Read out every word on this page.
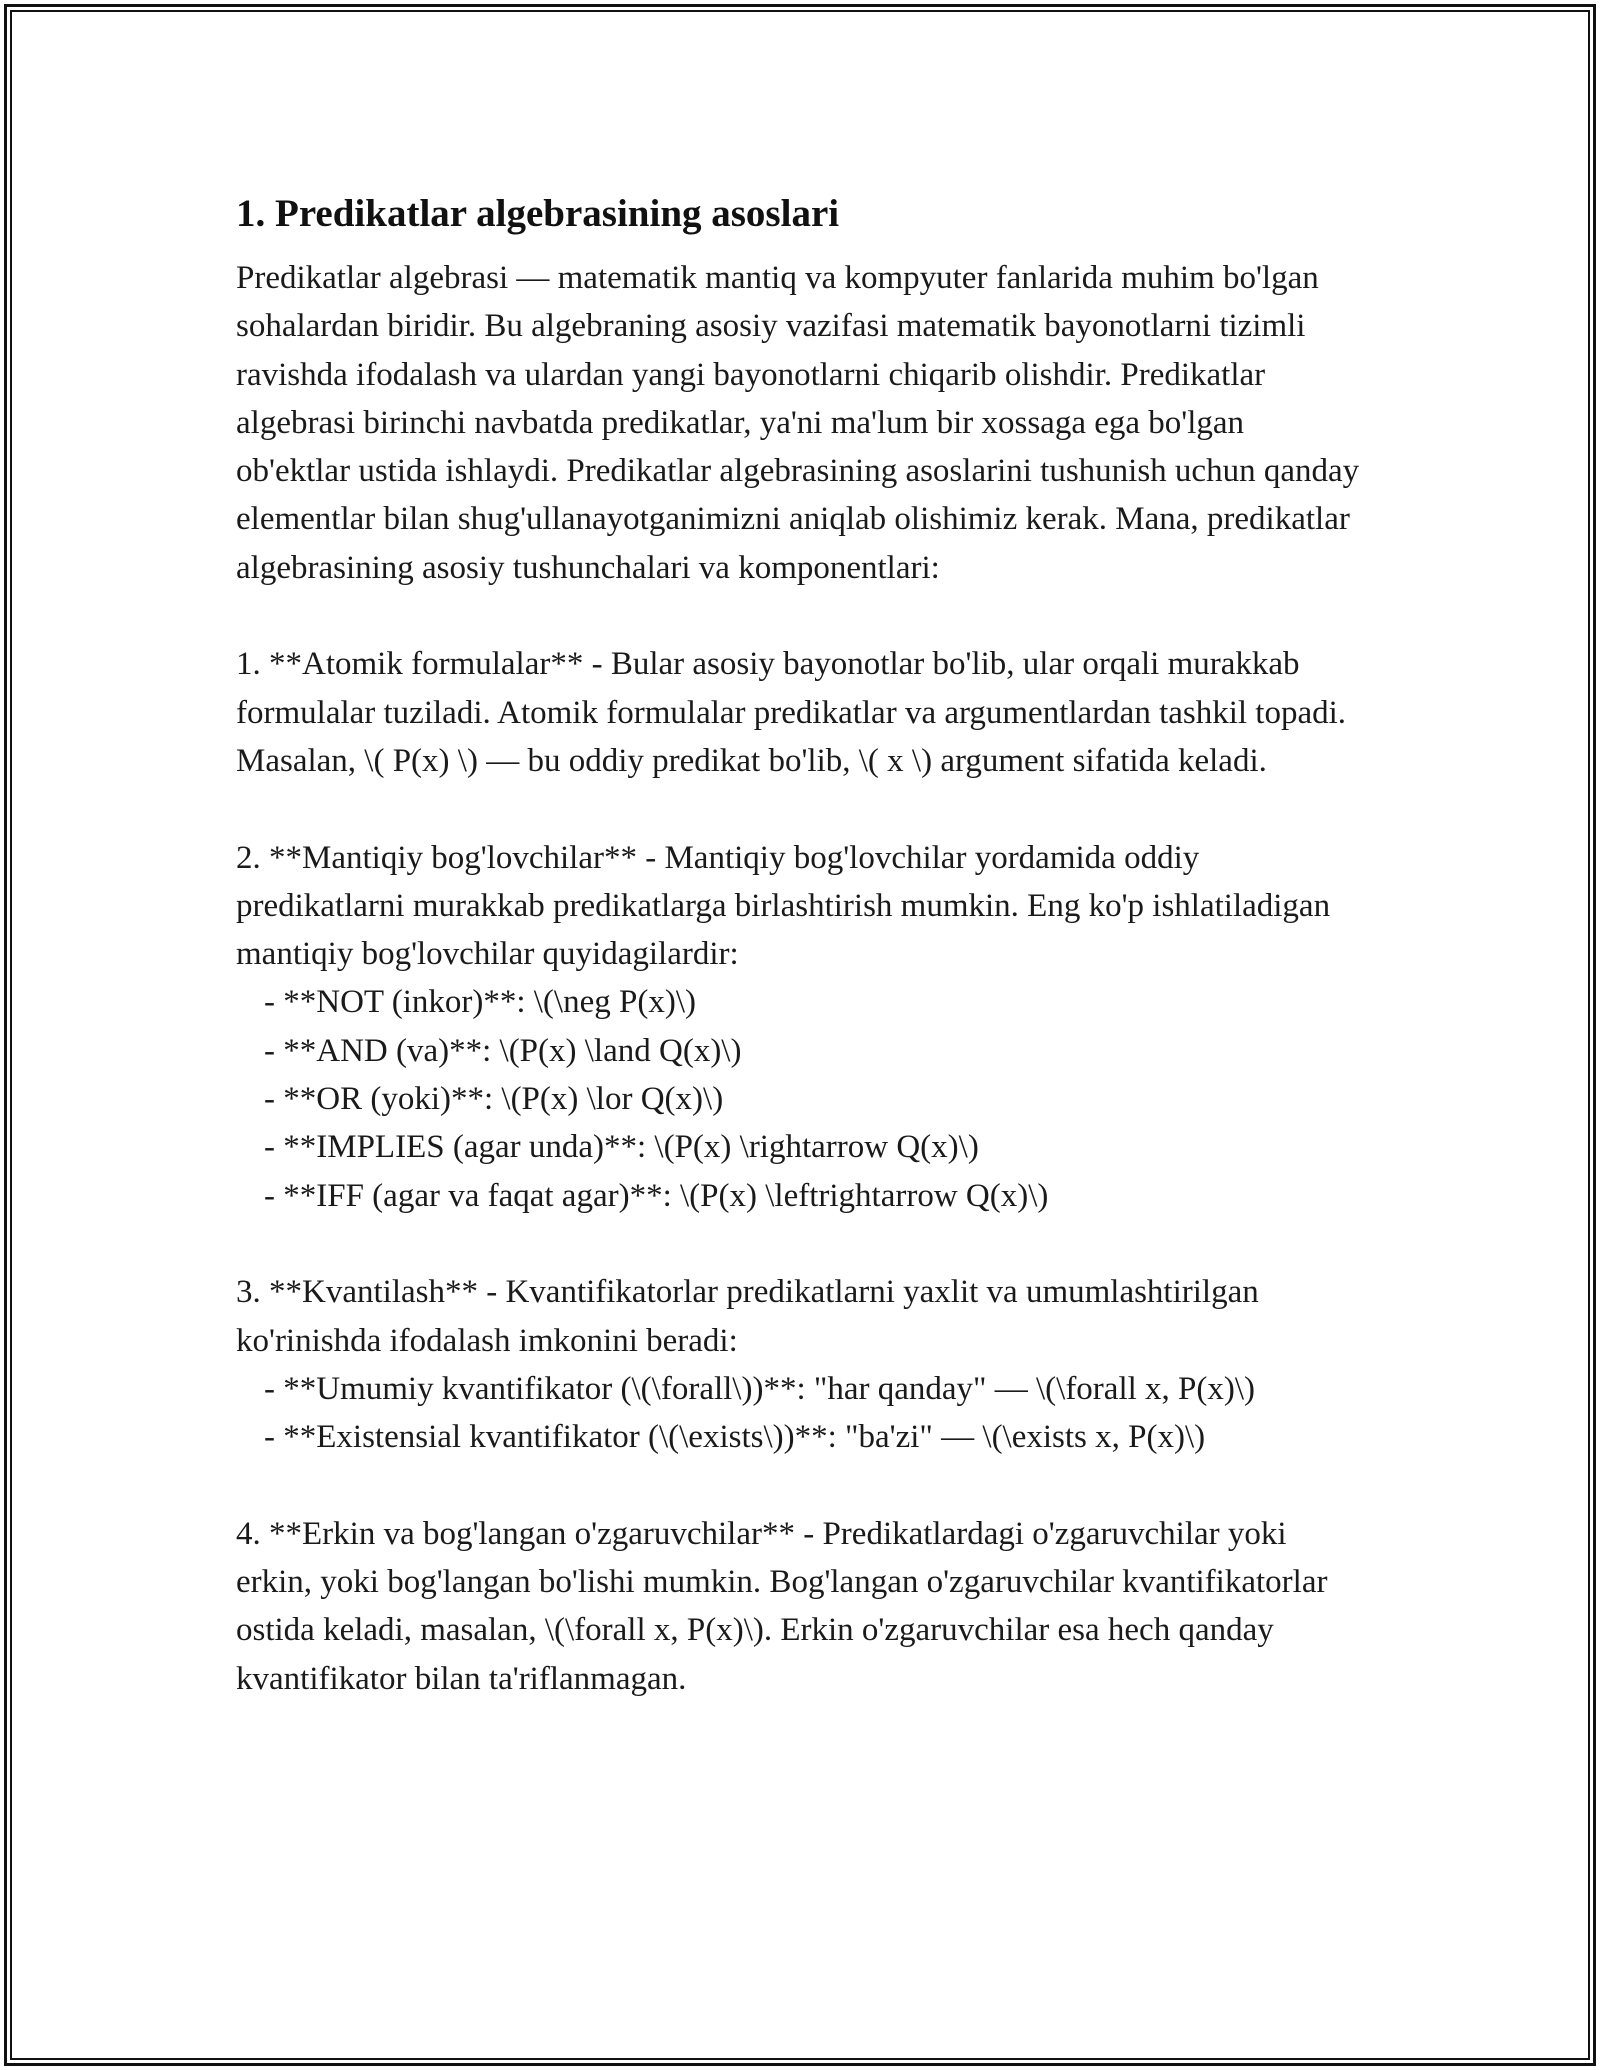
1. Predikatlar algebrasining asoslari

Predikatlar algebrasi — matematik mantiq va kompyuter fanlarida muhim bo'lgan sohalardan biridir. Bu algebraning asosiy vazifasi matematik bayonotlarni tizimli ravishda ifodalash va ulardan yangi bayonotlarni chiqarib olishdir. Predikatlar algebrasi birinchi navbatda predikatlar, ya'ni ma'lum bir xossaga ega bo'lgan ob'ektlar ustida ishlaydi. Predikatlar algebrasining asoslarini tushunish uchun qanday elementlar bilan shug'ullanayotganimizni aniqlab olishimiz kerak. Mana, predikatlar algebrasining asosiy tushunchalari va komponentlari:

1. **Atomik formulalar** - Bular asosiy bayonotlar bo'lib, ular orqali murakkab formulalar tuziladi. Atomik formulalar predikatlar va argumentlardan tashkil topadi. Masalan, \( P(x) \) — bu oddiy predikat bo'lib, \( x \) argument sifatida keladi.

2. **Mantiqiy bog'lovchilar** - Mantiqiy bog'lovchilar yordamida oddiy predikatlarni murakkab predikatlarga birlashtirish mumkin. Eng ko'p ishlatiladigan mantiqiy bog'lovchilar quyidagilardir:

- **NOT (inkor)**: \(\neg P(x)\)
- **AND (va)**: \(P(x) \land Q(x)\)
- **OR (yoki)**: \(P(x) \lor Q(x)\)
- **IMPLIES (agar unda)**: \(P(x) \rightarrow Q(x)\)
- **IFF (agar va faqat agar)**: \(P(x) \leftrightarrow Q(x)\)

3. **Kvantilash** - Kvantifikatorlar predikatlarni yaxlit va umumlashtirilgan ko'rinishda ifodalash imkonini beradi:

- **Umumiy kvantifikator (\(\forall\))**: "har qanday" — \(\forall x, P(x)\)
- **Existensial kvantifikator (\(\exists\))**: "ba'zi" — \(\exists x, P(x)\)

4. **Erkin va bog'langan o'zgaruvchilar** - Predikatlardagi o'zgaruvchilar yoki erkin, yoki bog'langan bo'lishi mumkin. Bog'langan o'zgaruvchilar kvantifikatorlar ostida keladi, masalan, \(\forall x, P(x)\). Erkin o'zgaruvchilar esa hech qanday kvantifikator bilan ta'riflanmagan.
